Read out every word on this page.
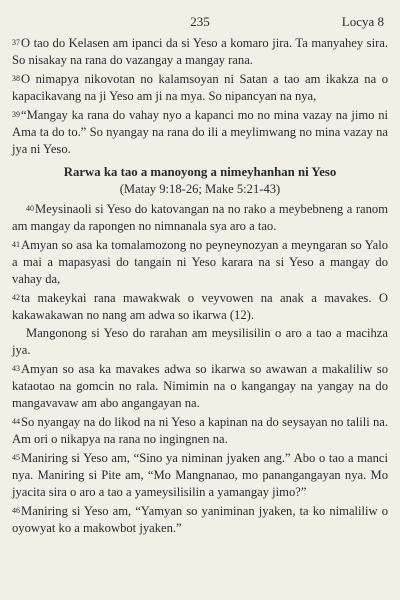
235	Locya 8

37O tao do Kelasen am ipanci da si Yeso a komaro jira. Ta manyahey sira. So nisakay na rana do vazangay a mangay rana.

38O nimapya nikovotan no kalamsoyan ni Satan a tao am ikakza na o kapacikavang na ji Yeso am ji na mya. So nipancyan na nya,

39“Mangay ka rana do vahay nyo a kapanci mo no mina vazay na jimo ni Ama ta do to.” So nyangay na rana do ili a meylimwang no mina vazay na jya ni Yeso.

Rarwa ka tao a manoyong a nimeyhanhan ni Yeso
(Matay 9:18-26; Make 5:21-43)

40Meysinaoli si Yeso do katovangan na no rako a meybebneng a ranom am mangay da rapongen no nimnanala sya aro a tao.

41Amyan so asa ka tomalamozong no peyneynozyan a meyngaran so Yalo a mai a mapasyasi do tangain ni Yeso karara na si Yeso a mangay do vahay da,

42ta makeykai rana mawakwak o veyvowen na anak a mavakes. O kakawakawan no nang am adwa so ikarwa (12).

Mangonong si Yeso do rarahan am meysilisilin o aro a tao a macihza jya.

43Amyan so asa ka mavakes adwa so ikarwa so awawan a makaliliw so kataotao na gomcin no rala. Nimimin na o kangangay na yangay na do mangavavaw am abo angangayan na.

44So nyangay na do likod na ni Yeso a kapinan na do seysayan no talili na. Am ori o nikapya na rana no ingingnen na.

45Maniring si Yeso am, “Sino ya niminan jyaken ang.” Abo o tao a manci nya. Maniring si Pite am, “Mo Mangnanao, mo panangangayan nya. Mo jyacita sira o aro a tao a yameysilisilin a yamangay jimo?”

46Maniring si Yeso am, “Yamyan so yaniminan jyaken, ta ko nimaliliw o oyowyat ko a makowbot jyaken.”
